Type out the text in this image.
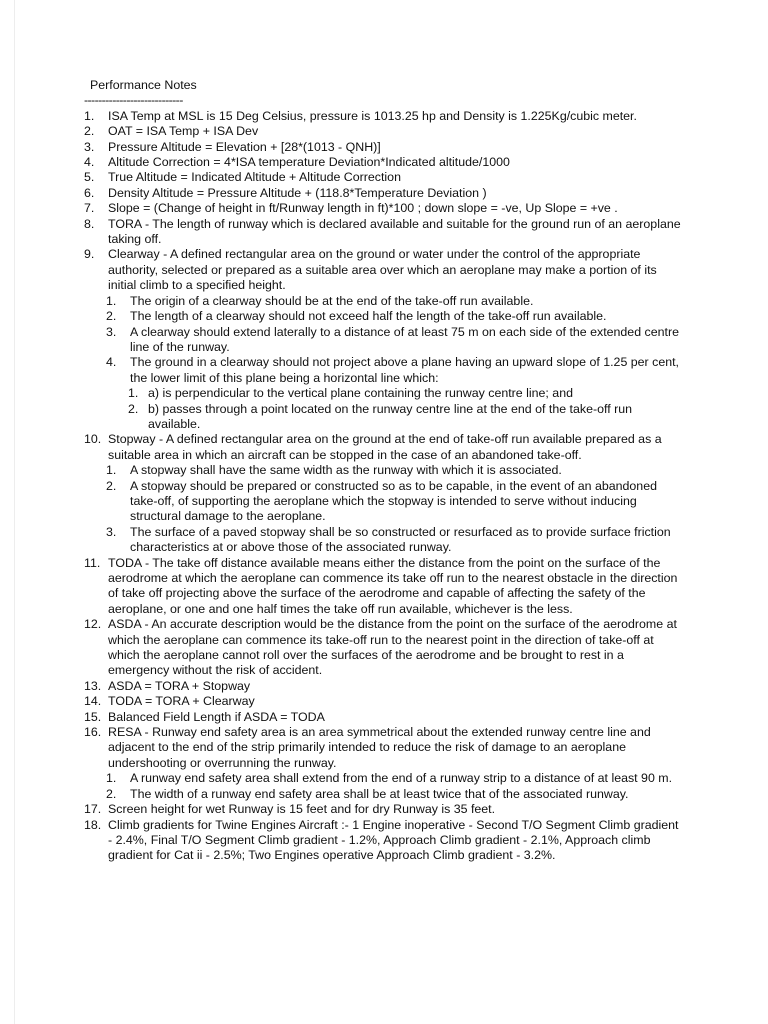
Performance Notes
----------------------------
1.	ISA Temp at MSL is 15 Deg Celsius, pressure is 1013.25 hp and Density is 1.225Kg/cubic meter.
2.	OAT = ISA Temp + ISA Dev
3.	Pressure Altitude = Elevation + [28*(1013 - QNH)]
4.	Altitude Correction = 4*ISA temperature Deviation*Indicated altitude/1000
5.	True Altitude = Indicated Altitude + Altitude Correction
6.	Density Altitude = Pressure Altitude + (118.8*Temperature Deviation )
7.	Slope = (Change of height in ft/Runway length in ft)*100 ; down slope = -ve, Up Slope = +ve .
8.	TORA - The length of runway which is declared available and suitable for the ground run of an aeroplane taking off.
9.	Clearway - A defined rectangular area on the ground or water under the control of the appropriate authority, selected or prepared as a suitable area over which an aeroplane may make a portion of its initial climb to a specified height.
1.	The origin of a clearway should be at the end of the take-off run available.
2.	The length of a clearway should not exceed half the length of the take-off run available.
3.	A clearway should extend laterally to a distance of at least 75 m on each side of the extended centre line of the runway.
4.	The ground in a clearway should not project above a plane having an upward slope of 1.25 per cent, the lower limit of this plane being a horizontal line which:
1. a) is perpendicular to the vertical plane containing the runway centre line; and
2. b) passes through a point located on the runway centre line at the end of the take-off run available.
10. Stopway - A defined rectangular area on the ground at the end of take-off run available prepared as a suitable area in which an aircraft can be stopped in the case of an abandoned take-off.
1.	A stopway shall have the same width as the runway with which it is associated.
2.	A stopway should be prepared or constructed so as to be capable, in the event of an abandoned take-off, of supporting the aeroplane which the stopway is intended to serve without inducing structural damage to the aeroplane.
3.	The surface of a paved stopway shall be so constructed or resurfaced as to provide surface friction characteristics at or above those of the associated runway.
11. TODA - The take off distance available means either the distance from the point on the surface of the aerodrome at which the aeroplane can commence its take off run to the nearest obstacle in the direction of take off projecting above the surface of the aerodrome and capable of affecting the safety of the aeroplane, or one and one half times the take off run available, whichever is the less.
12. ASDA - An accurate description would be the distance from the point on the surface of the aerodrome at which the aeroplane can commence its take-off run to the nearest point in the direction of take-off at which the aeroplane cannot roll over the surfaces of the aerodrome and be brought to rest in a emergency without the risk of accident.
13. ASDA = TORA + Stopway
14. TODA = TORA + Clearway
15. Balanced Field Length if ASDA = TODA
16. RESA - Runway end safety area is an area symmetrical about the extended runway centre line and adjacent to the end of the strip primarily intended to reduce the risk of damage to an aeroplane undershooting or overrunning the runway.
1.	A runway end safety area shall extend from the end of a runway strip to a distance of at least 90 m.
2.	The width of a runway end safety area shall be at least twice that of the associated runway.
17. Screen height for wet Runway is 15 feet and for dry Runway is 35 feet.
18. Climb gradients for Twine Engines Aircraft :- 1 Engine inoperative - Second T/O Segment Climb gradient - 2.4%, Final T/O Segment Climb gradient - 1.2%, Approach Climb gradient - 2.1%, Approach climb gradient for Cat ii - 2.5%; Two Engines operative Approach Climb gradient - 3.2%.
